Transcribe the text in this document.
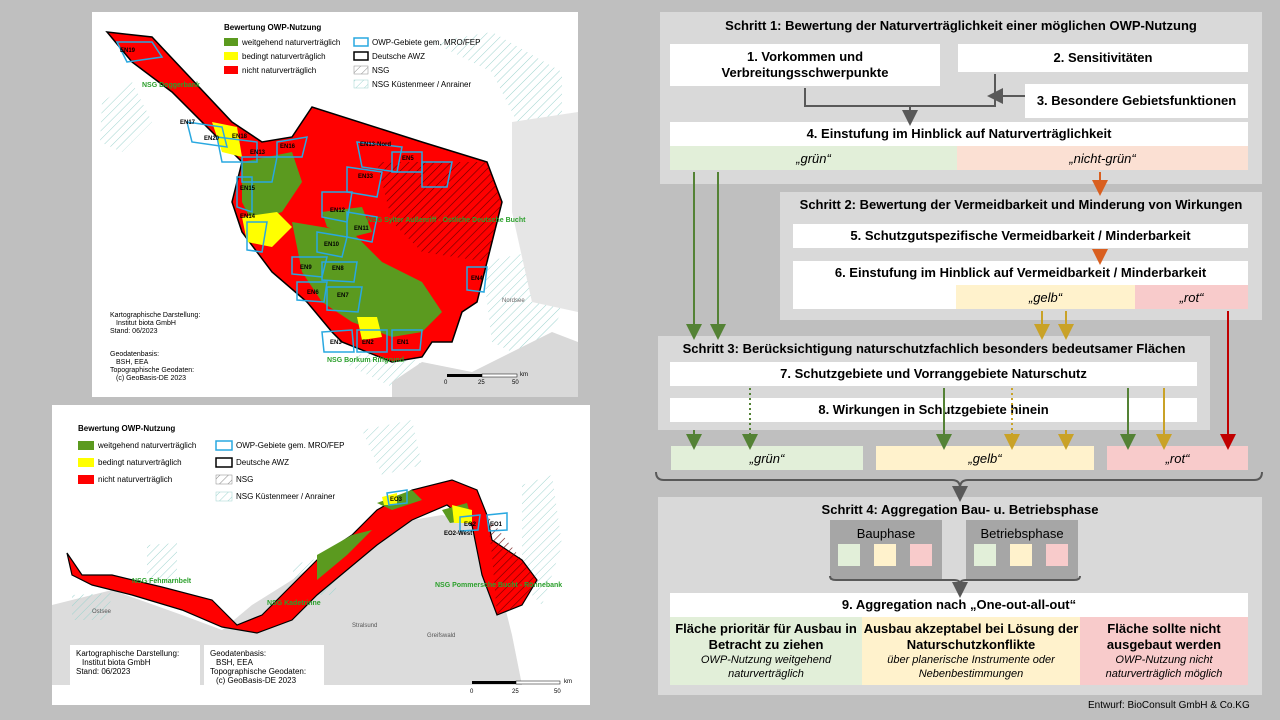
EN19
EN17
EN20 EN18
EN13
EN16
EN15
EN14
EN13-Nord
EN5
EN33
EN12
EN11
EN10
EN9	EN8
EN6	EN7
EN4
EN3	EN2	EN1
NSG Doggerbank
NSG Sylter Außenriff - Östliche Deutsche Bucht
NSG Borkum Riffgrund
Nordsee
Bewertung OWP-Nutzung
weitgehend naturverträglich
bedingt naturverträglich
nicht naturverträglich
OWP-Gebiete gem. MRO/FEP
Deutsche AWZ
NSG
NSG Küstenmeer / Anrainer
Kartographische Darstellung:
Institut biota GmbH
Stand: 06/2023
Geodatenbasis:
BSH, EEA
Topographische Geodaten:
(c) GeoBasis-DE 2023
0	25	50
km
EO3
EO2
EO2-West
EO1
NSG Fehmarnbelt
NSG Kadetrinne
NSG Pommersche Bucht - Rönnebank
Ostsee
Stralsund
Greifswald
Bewertung OWP-Nutzung
weitgehend naturverträglich
bedingt naturverträglich
nicht naturverträglich
OWP-Gebiete gem. MRO/FEP
Deutsche AWZ
NSG
NSG Küstenmeer / Anrainer
Kartographische Darstellung:
Institut biota GmbH
Stand: 06/2023
Geodatenbasis:
BSH, EEA
Topographische Geodaten:
(c) GeoBasis-DE 2023
0	25	50
km
Schritt 1: Bewertung der Naturverträglichkeit einer möglichen OWP-Nutzung
1. Vorkommen und Verbreitungsschwerpunkte
2. Sensitivitäten
3. Besondere Gebietsfunktionen
4. Einstufung im Hinblick auf Naturverträglichkeit
„grün“	„nicht-grün“
Schritt 2: Bewertung der Vermeidbarkeit und Minderung von Wirkungen
5. Schutzgutspezifische Vermeidbarkeit / Minderbarkeit
6. Einstufung im Hinblick auf Vermeidbarkeit / Minderbarkeit
„gelb“	„rot“
Schritt 3: Berücksichtigung naturschutzfachlich besonders bedeutsamer Flächen
7. Schutzgebiete und Vorranggebiete Naturschutz
8. Wirkungen in Schutzgebiete hinein
„grün“	„gelb“	„rot“
Schritt 4: Aggregation Bau- u. Betriebsphase
Bauphase	Betriebsphase
9. Aggregation nach „One-out-all-out“
Fläche prioritär für Ausbau in Betracht zu ziehen
OWP-Nutzung weitgehend naturverträglich
Ausbau akzeptabel bei Lösung der Naturschutzkonflikte
über planerische Instrumente oder Nebenbestimmungen
Fläche sollte nicht ausgebaut werden
OWP-Nutzung nicht naturverträglich möglich
Entwurf: BioConsult GmbH & Co.KG
